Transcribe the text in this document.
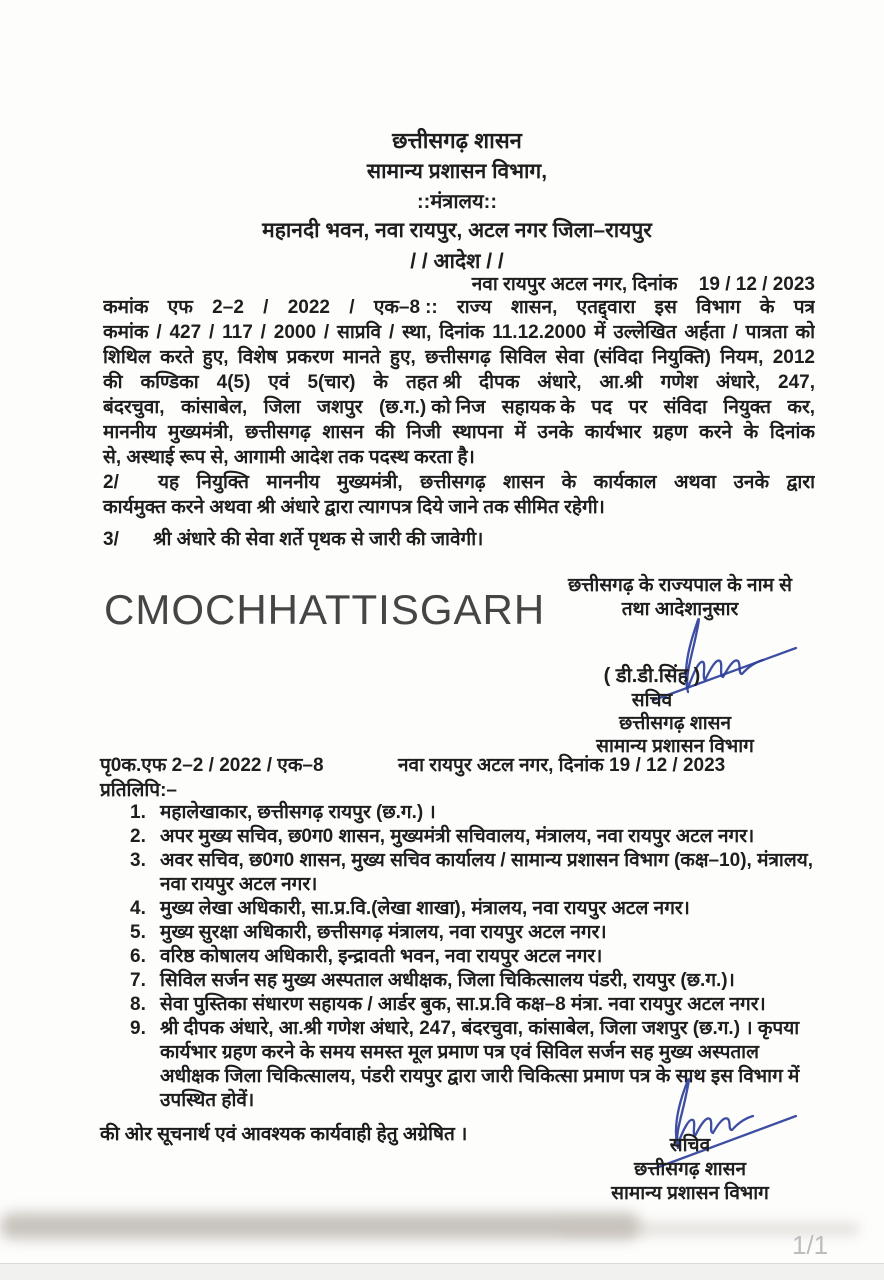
छत्तीसगढ़ शासन
सामान्य प्रशासन विभाग,
::मंत्रालय::
महानदी भवन, नवा रायपुर, अटल नगर जिला–रायपुर
/ / आदेश / /
नवा रायपुर अटल नगर, दिनांक 19 / 12 / 2023
कमांक एफ 2–2 / 2022 / एक–8 :: राज्य शासन, एतद्द्वारा इस विभाग के पत्र
कमांक / 427 / 117 / 2000 / साप्रवि / स्था, दिनांक 11.12.2000 में उल्लेखित अर्हता / पात्रता को
शिथिल करते हुए, विशेष प्रकरण मानते हुए, छत्तीसगढ़ सिविल सेवा (संविदा नियुक्ति) नियम, 2012
की कण्डिका 4(5) एवं 5(चार) के तहत श्री दीपक अंधारे, आ.श्री गणेश अंधारे, 247,
बंदरचुवा, कांसाबेल, जिला जशपुर (छ.ग.) को निज सहायक के पद पर संविदा नियुक्त कर,
माननीय मुख्यमंत्री, छत्तीसगढ़ शासन की निजी स्थापना में उनके कार्यभार ग्रहण करने के दिनांक
से, अस्थाई रूप से, आगामी आदेश तक पदस्थ करता है।
2/ यह नियुक्ति माननीय मुख्यमंत्री, छत्तीसगढ़ शासन के कार्यकाल अथवा उनके द्वारा
कार्यमुक्त करने अथवा श्री अंधारे द्वारा त्यागपत्र दिये जाने तक सीमित रहेगी।
3/ श्री अंधारे की सेवा शर्ते पृथक से जारी की जावेगी।
CMOCHHATTISGARH
छत्तीसगढ़ के राज्यपाल के नाम से
तथा आदेशानुसार
( डी.डी.सिंह )
सचिव
छत्तीसगढ़ शासन
सामान्य प्रशासन विभाग
पृ0क.एफ 2–2 / 2022 / एक–8	नवा रायपुर अटल नगर, दिनांक 19 / 12 / 2023
प्रतिलिपि:–
1. महालेखाकार, छत्तीसगढ़ रायपुर (छ.ग.) ।
2. अपर मुख्य सचिव, छ0ग0 शासन, मुख्यमंत्री सचिवालय, मंत्रालय, नवा रायपुर अटल नगर।
3. अवर सचिव, छ0ग0 शासन, मुख्य सचिव कार्यालय / सामान्य प्रशासन विभाग (कक्ष–10), मंत्रालय, नवा रायपुर अटल नगर।
4. मुख्य लेखा अधिकारी, सा.प्र.वि.(लेखा शाखा), मंत्रालय, नवा रायपुर अटल नगर।
5. मुख्य सुरक्षा अधिकारी, छत्तीसगढ़ मंत्रालय, नवा रायपुर अटल नगर।
6. वरिष्ठ कोषालय अधिकारी, इन्द्रावती भवन, नवा रायपुर अटल नगर।
7. सिविल सर्जन सह मुख्य अस्पताल अधीक्षक, जिला चिकित्सालय पंडरी, रायपुर (छ.ग.)।
8. सेवा पुस्तिका संधारण सहायक / आर्डर बुक, सा.प्र.वि कक्ष–8 मंत्रा. नवा रायपुर अटल नगर।
9. श्री दीपक अंधारे, आ.श्री गणेश अंधारे, 247, बंदरचुवा, कांसाबेल, जिला जशपुर (छ.ग.) । कृपया कार्यभार ग्रहण करने के समय समस्त मूल प्रमाण पत्र एवं सिविल सर्जन सह मुख्य अस्पताल अधीक्षक जिला चिकित्सालय, पंडरी रायपुर द्वारा जारी चिकित्सा प्रमाण पत्र के साथ इस विभाग में उपस्थित होवें।
की ओर सूचनार्थ एवं आवश्यक कार्यवाही हेतु अग्रेषित ।
सचिव
छत्तीसगढ़ शासन
सामान्य प्रशासन विभाग
1/1
